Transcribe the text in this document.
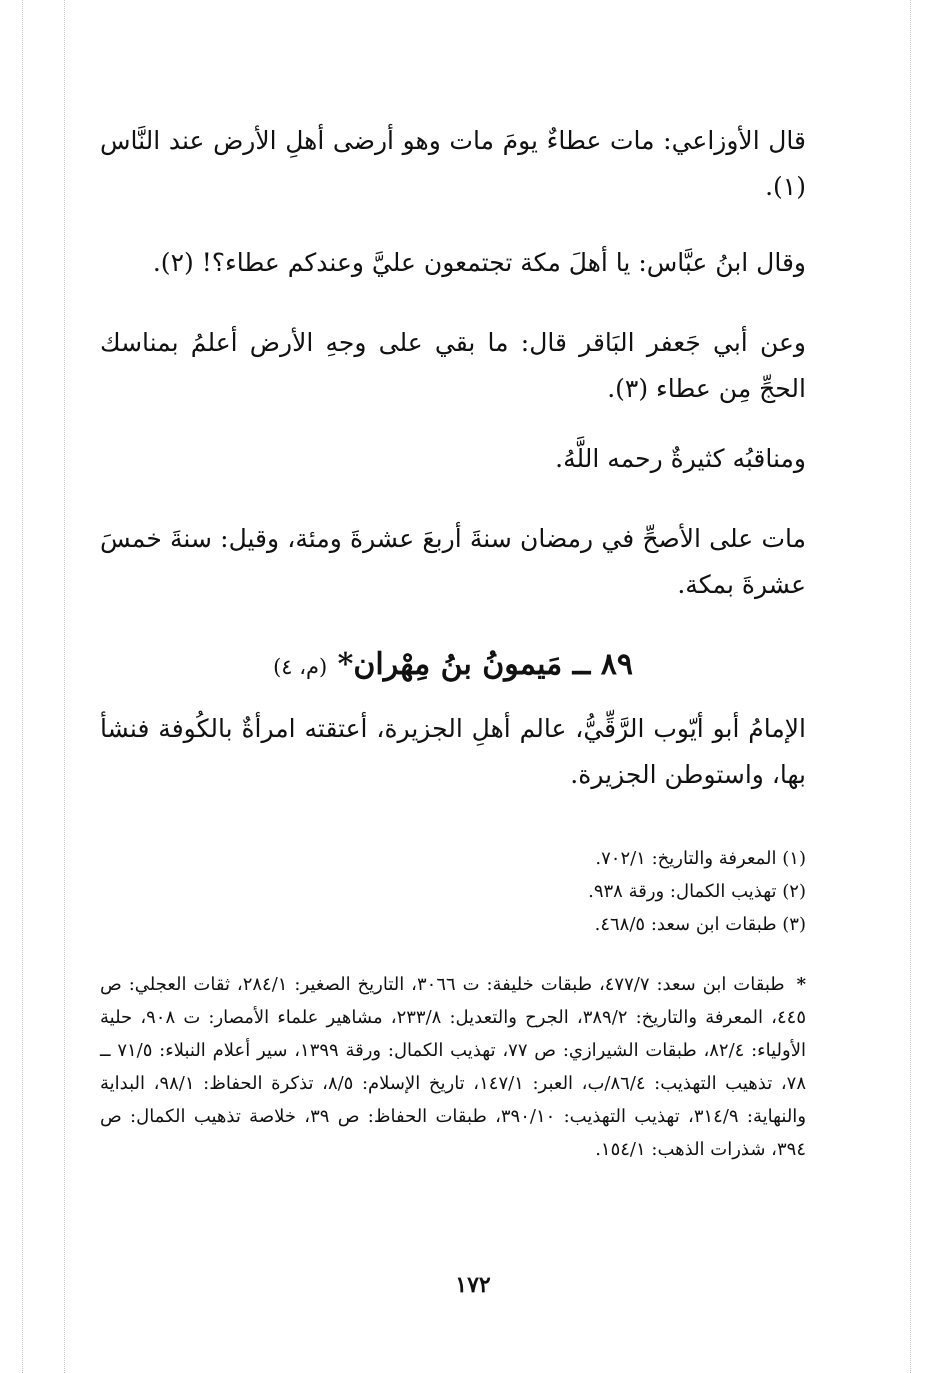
قال الأوزاعي: مات عطاءٌ يومَ مات وهو أرضى أهلِ الأرض عند النَّاس (١).

وقال ابنُ عبَّاس: يا أهلَ مكة تجتمعون عليَّ وعندكم عطاء؟! (٢).

وعن أبي جَعفر البَاقر قال: ما بقي على وجهِ الأرض أعلمُ بمناسك الحجِّ مِن عطاء (٣).

ومناقبُه كثيرةٌ رحمه اللَّهُ.

مات على الأصحِّ في رمضان سنةَ أربعَ عشرةَ ومئة، وقيل: سنةَ خمسَ عشرةَ بمكة.

٨٩ ــ مَيمونُ بنُ مِهْران* (م، ٤)

الإمامُ أبو أيّوب الرَّقِّيُّ، عالم أهلِ الجزيرة، أعتقته امرأةٌ بالكُوفة فنشأ بها، واستوطن الجزيرة.

(١) المعرفة والتاريخ: ٧٠٢/١.

(٢) تهذيب الكمال: ورقة ٩٣٨.

(٣) طبقات ابن سعد: ٤٦٨/٥.

*طبقات ابن سعد: ٤٧٧/٧، طبقات خليفة: ت ٣٠٦٦، التاريخ الصغير: ٢٨٤/١، ثقات العجلي: ص ٤٤٥، المعرفة والتاريخ: ٣٨٩/٢، الجرح والتعديل: ٢٣٣/٨، مشاهير علماء الأمصار: ت ٩٠٨، حلية الأولياء: ٨٢/٤، طبقات الشيرازي: ص ٧٧، تهذيب الكمال: ورقة ١٣٩٩، سير أعلام النبلاء: ٧١/٥ ــ ٧٨، تذهيب التهذيب: ٨٦/٤/ب، العبر: ١٤٧/١، تاريخ الإسلام: ٨/٥، تذكرة الحفاظ: ٩٨/١، البداية والنهاية: ٣١٤/٩، تهذيب التهذيب: ٣٩٠/١٠، طبقات الحفاظ: ص ٣٩، خلاصة تذهيب الكمال: ص ٣٩٤، شذرات الذهب: ١٥٤/١.
١٧٢
